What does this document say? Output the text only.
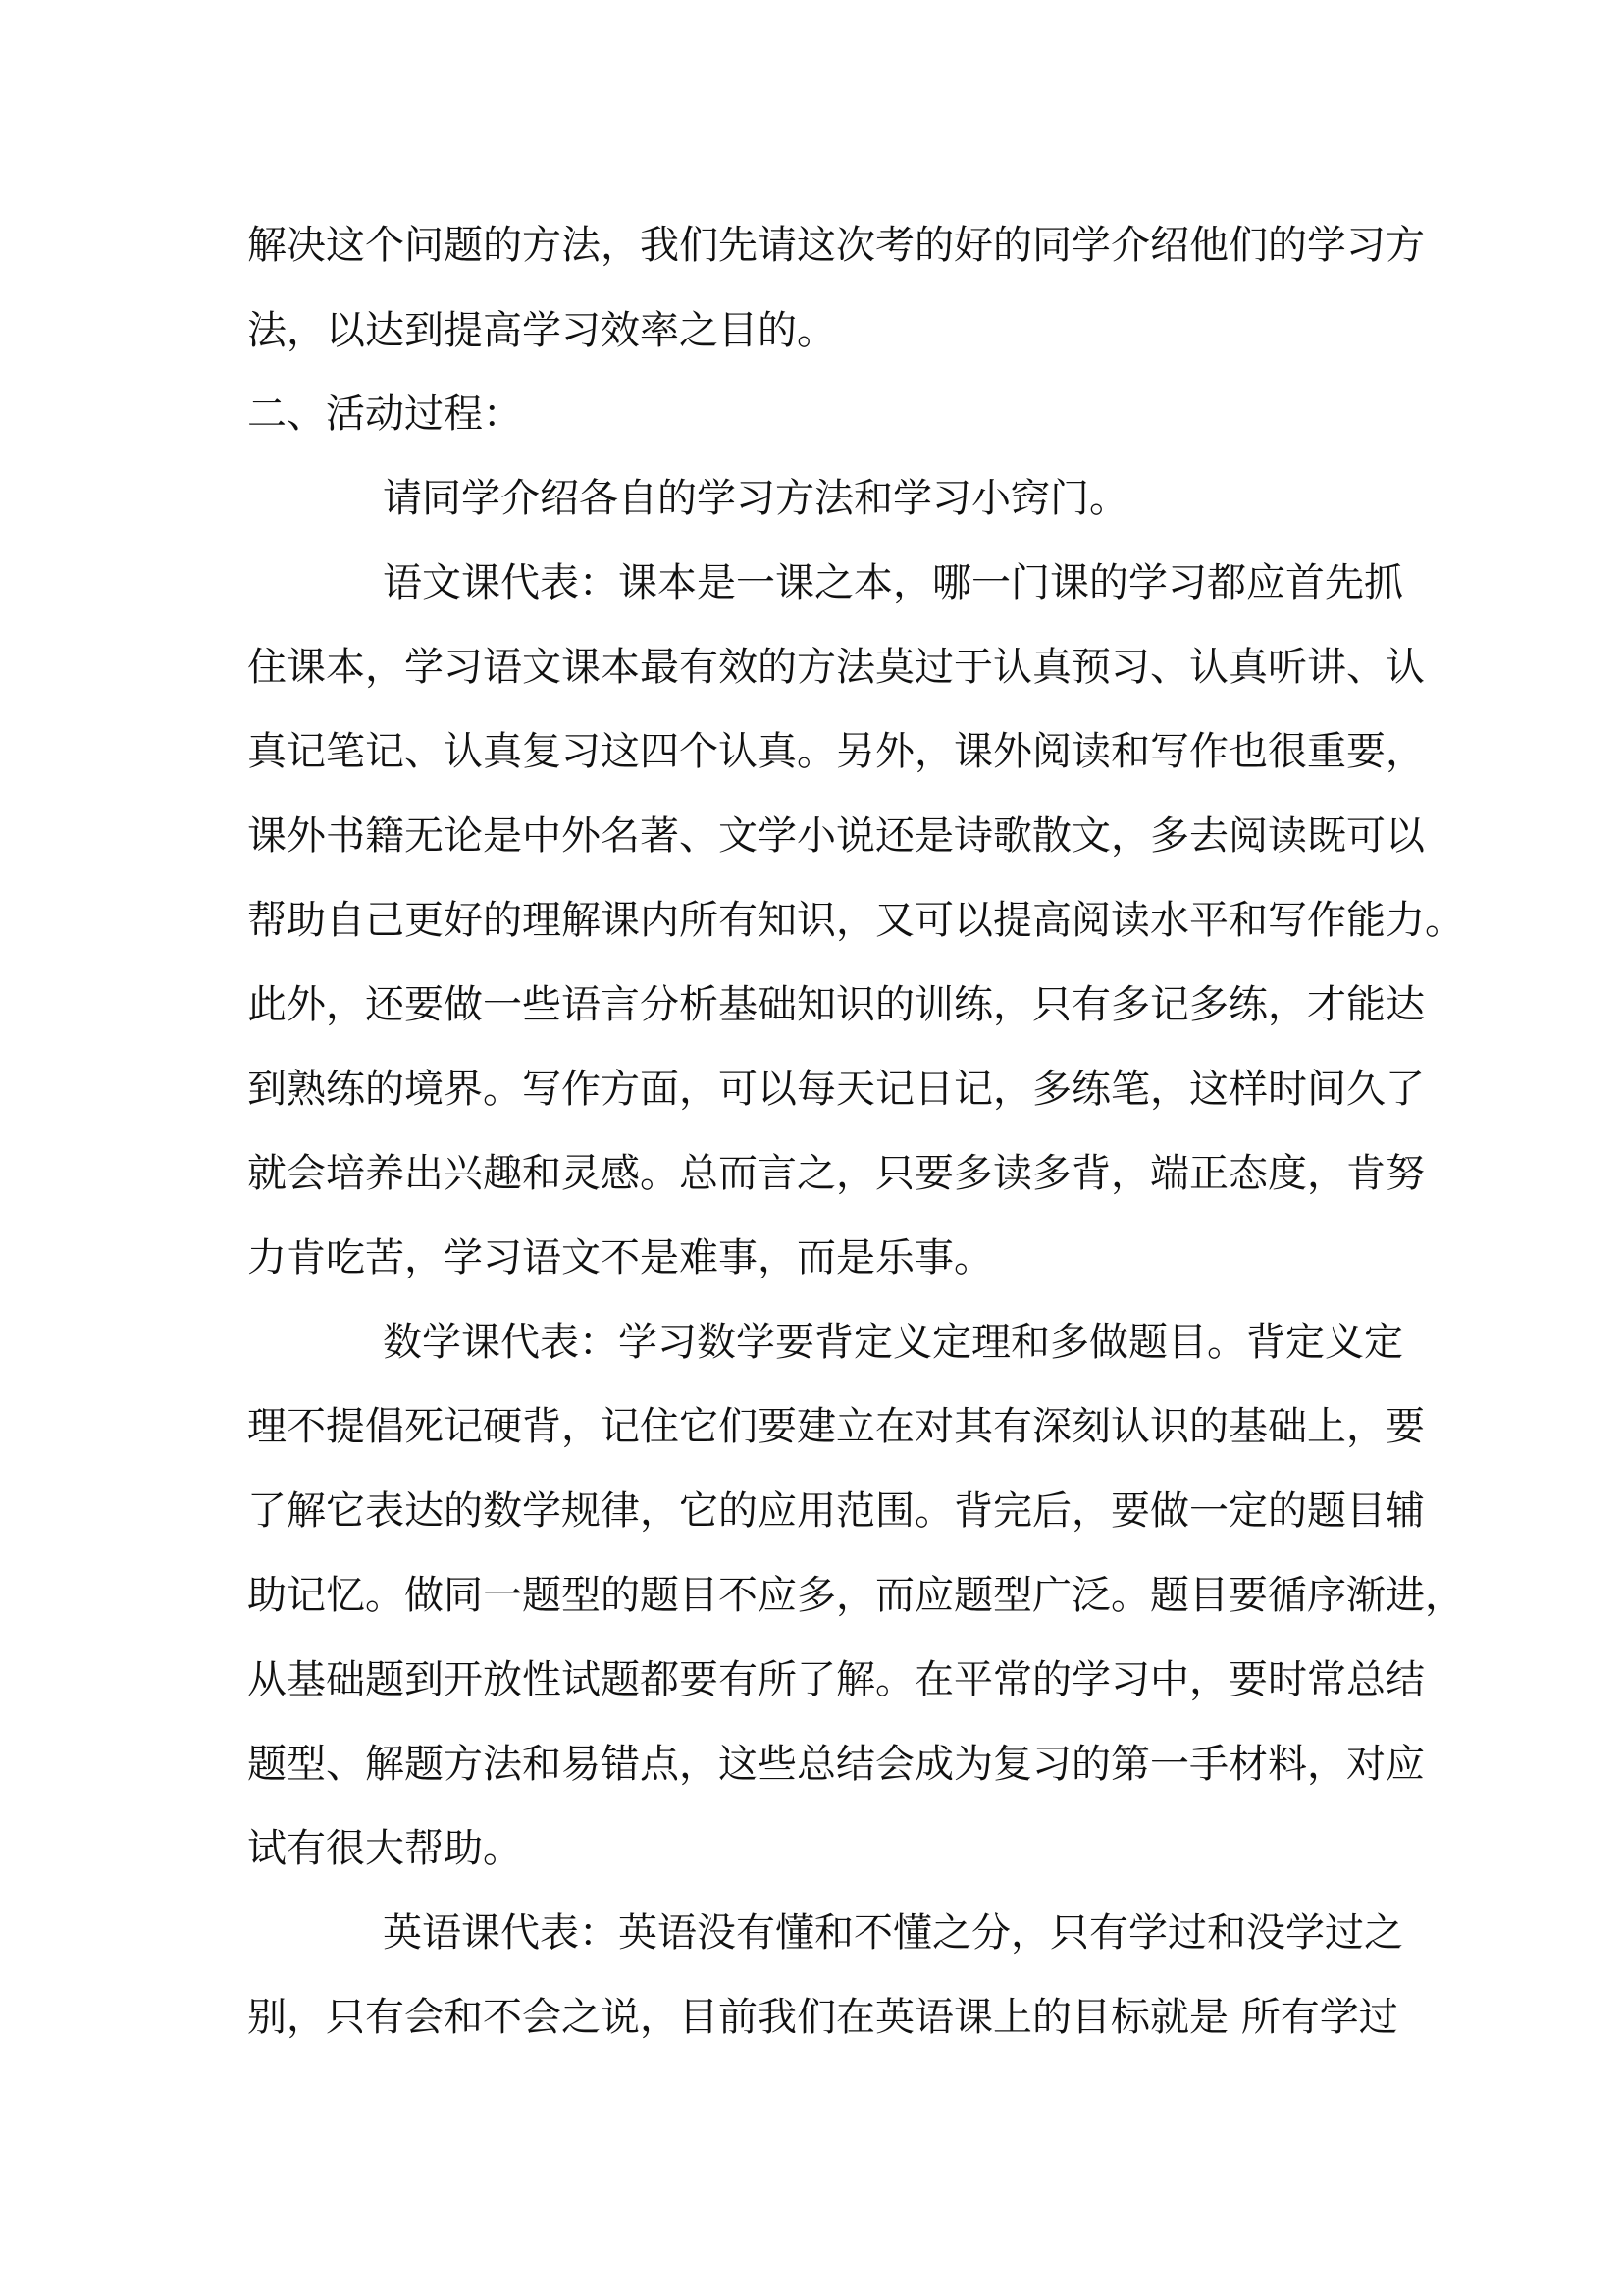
解决这个问题的方法，我们先请这次考的好的同学介绍他们的学习方
法，以达到提高学习效率之目的。
二、活动过程：
请同学介绍各自的学习方法和学习小窍门。
语文课代表：课本是一课之本，哪一门课的学习都应首先抓
住课本，学习语文课本最有效的方法莫过于认真预习、认真听讲、认
真记笔记、认真复习这四个认真。另外，课外阅读和写作也很重要，
课外书籍无论是中外名著、文学小说还是诗歌散文，多去阅读既可以
帮助自己更好的理解课内所有知识，又可以提高阅读水平和写作能力。
此外，还要做一些语言分析基础知识的训练，只有多记多练，才能达
到熟练的境界。写作方面，可以每天记日记，多练笔，这样时间久了
就会培养出兴趣和灵感。总而言之，只要多读多背，端正态度，肯努
力肯吃苦，学习语文不是难事，而是乐事。
数学课代表：学习数学要背定义定理和多做题目。背定义定
理不提倡死记硬背，记住它们要建立在对其有深刻认识的基础上，要
了解它表达的数学规律，它的应用范围。背完后，要做一定的题目辅
助记忆。做同一题型的题目不应多，而应题型广泛。题目要循序渐进，
从基础题到开放性试题都要有所了解。在平常的学习中，要时常总结
题型、解题方法和易错点，这些总结会成为复习的第一手材料，对应
试有很大帮助。
英语课代表：英语没有懂和不懂之分，只有学过和没学过之
别，只有会和不会之说，目前我们在英语课上的目标就是 所有学过
